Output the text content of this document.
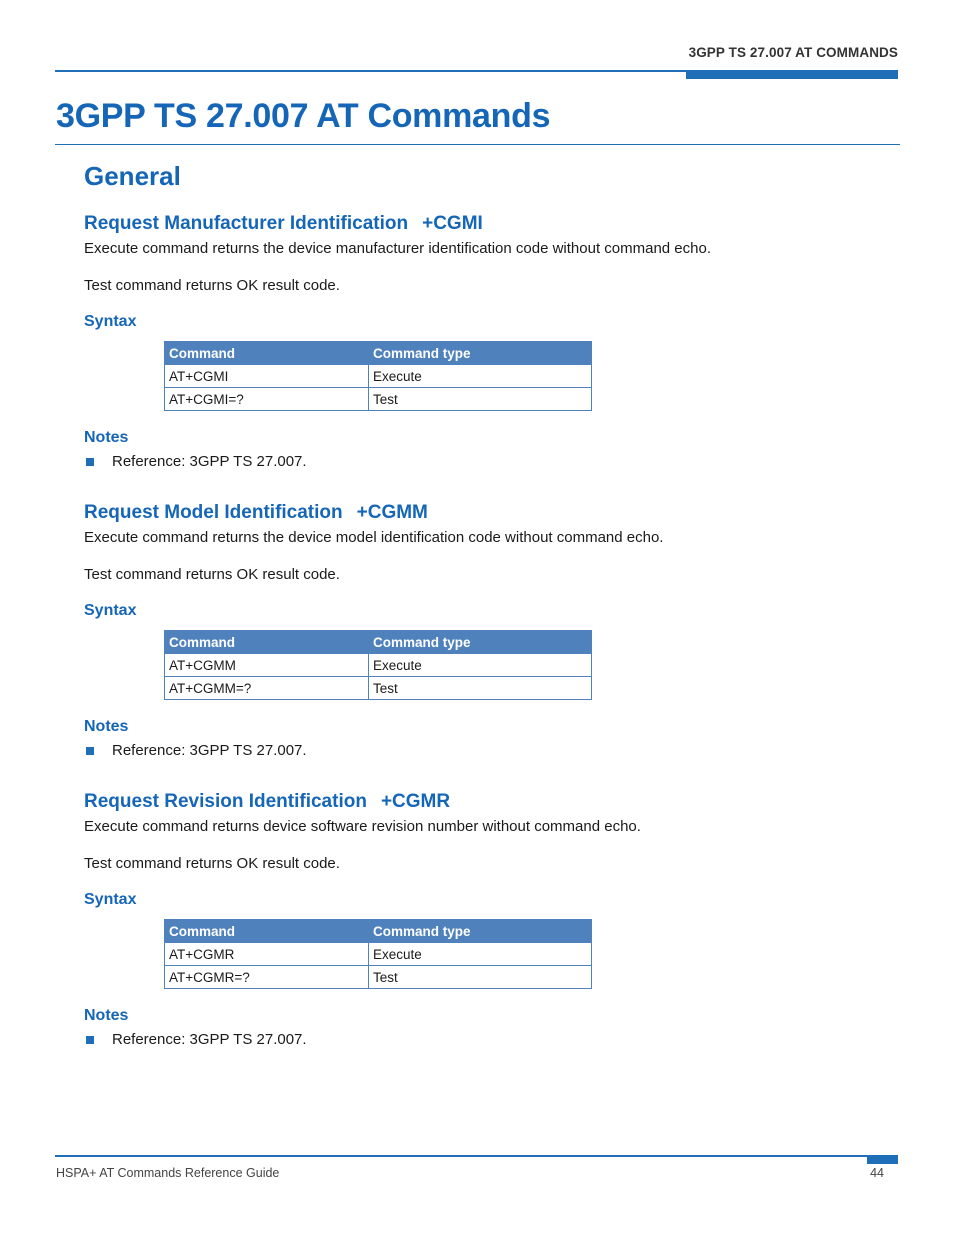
3GPP TS 27.007 AT COMMANDS
3GPP TS 27.007 AT Commands
General
Request Manufacturer Identification +CGMI

Execute command returns the device manufacturer identification code without command echo.

Test command returns OK result code.

Syntax
Command	Command type
AT+CGMI	Execute
AT+CGMI=?	Test
Notes
Reference: 3GPP TS 27.007.
Request Model Identification +CGMM

Execute command returns the device model identification code without command echo.

Test command returns OK result code.

Syntax
Command	Command type
AT+CGMM	Execute
AT+CGMM=?	Test
Notes
Reference: 3GPP TS 27.007.
Request Revision Identification +CGMR

Execute command returns device software revision number without command echo.

Test command returns OK result code.

Syntax
Command	Command type
AT+CGMR	Execute
AT+CGMR=?	Test
Notes
Reference: 3GPP TS 27.007.
HSPA+ AT Commands Reference Guide	44
